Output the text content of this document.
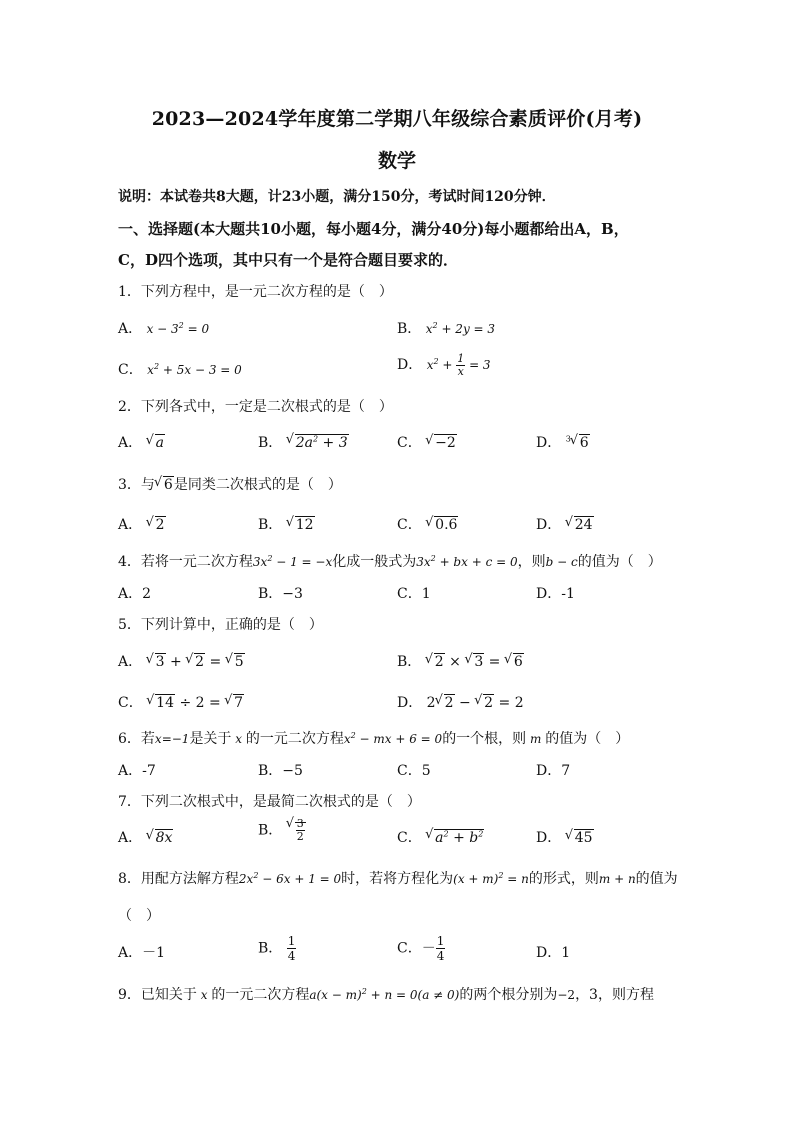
2023—2024学年度第二学期八年级综合素质评价(月考)
数学
说明：本试卷共8大题，计23小题，满分150分，考试时间120分钟．
一、选择题(本大题共10小题，每小题4分，满分40分)每小题都给出A，B，
C，D四个选项，其中只有一个是符合题目要求的．
1．下列方程中，是一元二次方程的是（　）
A． $x - 3^2 = 0$	B． $x^2 + 2y = 3$
C． $x^2 + 5x - 3 = 0$	D． $x^2 + \frac{1}{x} = 3$
2．下列各式中，一定是二次根式的是（　）
A． √ a	B． √ $2a^2 + 3$	C． √ −2	D． $^3$ √ 6
3．与 √ 6是同类二次根式的是（　）
A． √ 2	B． √ 12	C． √ 0.6	D． √ 24
4．若将一元二次方程$3x^2 - 1 = -x$化成一般式为$3x^2$ + bx + c = 0，则b − c的值为（　）
A．2	B．−3	C．1	D．-1
5．下列计算中，正确的是（　）
A． √ 3 + √ 2 = √ 5	B． √ 2 × √ 3 = √ 6
C． √ 14 ÷ 2 = √ 7	D． 2 √ 2 − √ 2 = 2
6．若x=−1是关于 x 的一元二次方程$x^2$ − mx + 6 = 0的一个根，则 m 的值为（　）
A．-7	B．−5	C．5	D．7
7．下列二次根式中，是最简二次根式的是（　）
A． √ 8x	B． √ $\frac{3}{2}$	C． √ $a^2 + b^2$	D． √ 45
8．用配方法解方程$2x^2 - 6x + 1 = 0$时，若将方程化为$(x + m)^2 = n$的形式，则m + n的值为
（　）
A．－1	B． $\frac{1}{4}$	C．－ $\frac{1}{4}$	D．1
9．已知关于 x 的一元二次方程$a(x - m)^2 + n = 0(a \ne 0)$的两个根分别为−2，3，则方程
